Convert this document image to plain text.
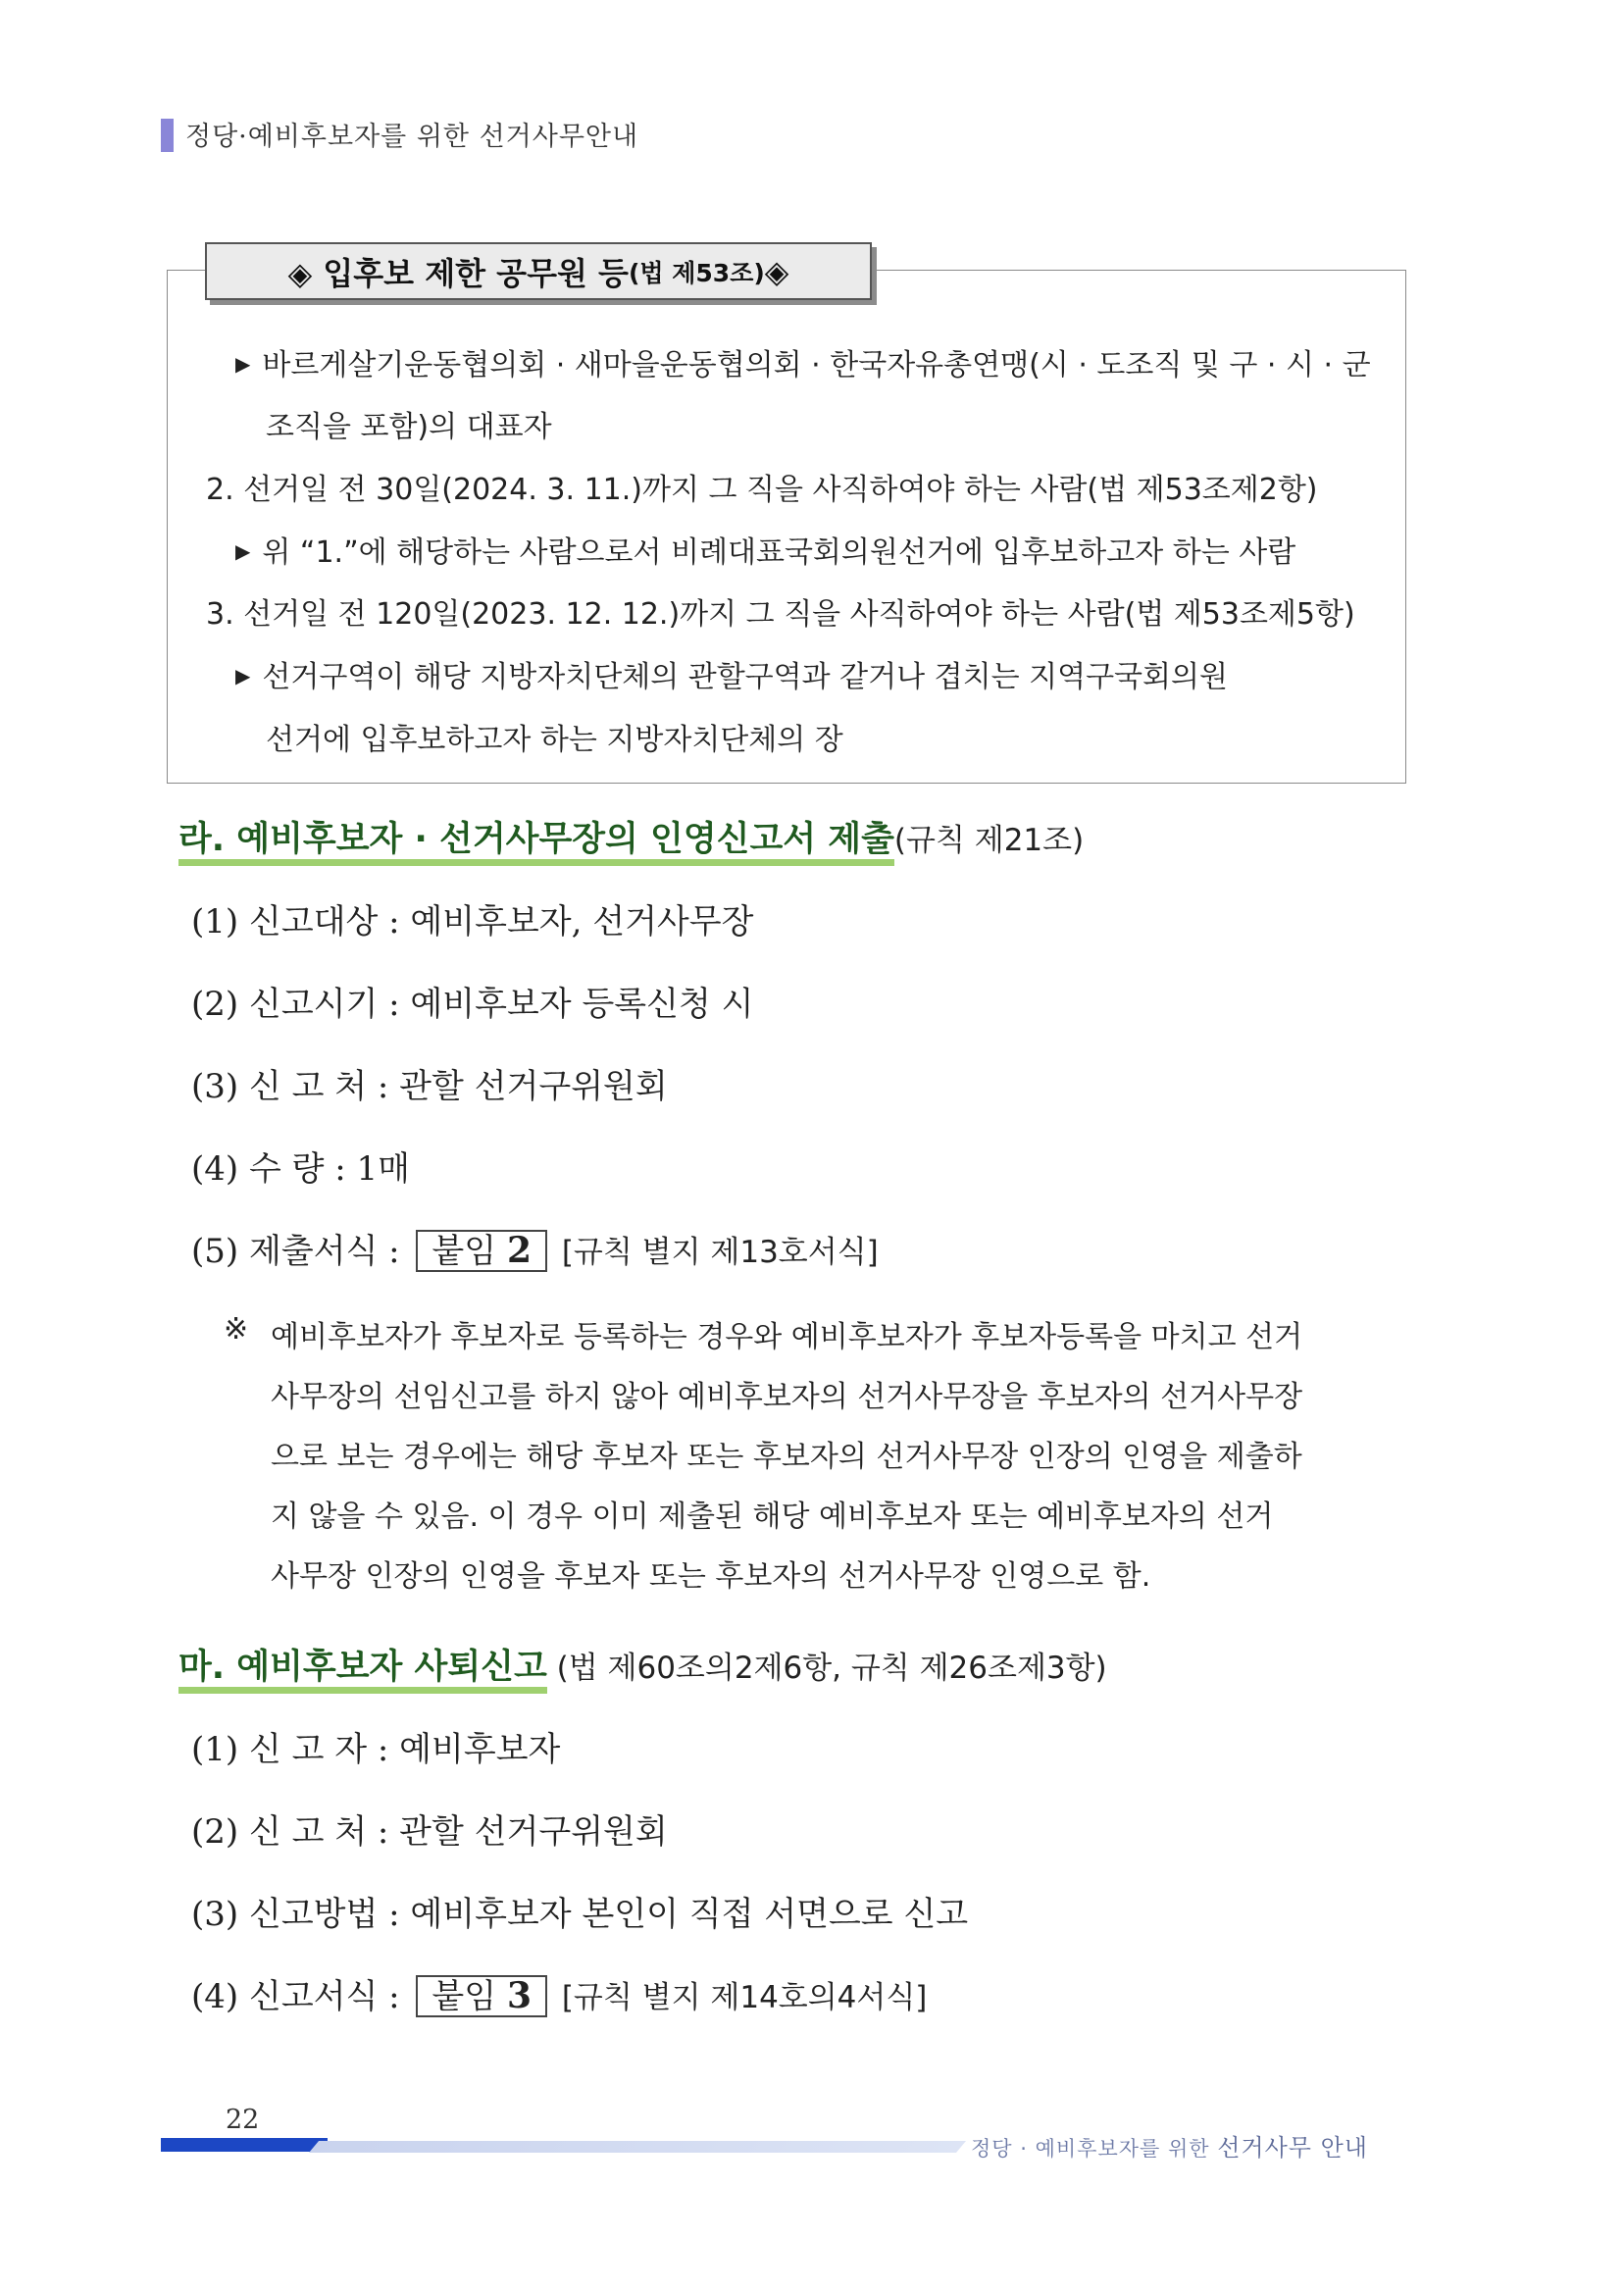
정당·예비후보자를 위한 선거사무안내
◈ 입후보 제한 공무원 등 (법 제53조) ◈
▶ 바르게살기운동협의회 · 새마을운동협의회 · 한국자유총연맹(시 · 도조직 및 구 · 시 · 군
조직을 포함)의 대표자
2. 선거일 전 30일(2024. 3. 11.)까지 그 직을 사직하여야 하는 사람(법 제53조제2항)
▶ 위 “1.”에 해당하는 사람으로서 비례대표국회의원선거에 입후보하고자 하는 사람
3. 선거일 전 120일(2023. 12. 12.)까지 그 직을 사직하여야 하는 사람(법 제53조제5항)
▶ 선거구역이 해당 지방자치단체의 관할구역과 같거나 겹치는 지역구국회의원
선거에 입후보하고자 하는 지방자치단체의 장
라. 예비후보자 · 선거사무장의 인영신고서 제출(규칙 제21조)
(1) 신고대상 : 예비후보자, 선거사무장
(2) 신고시기 : 예비후보자 등록신청 시
(3) 신 고 처 : 관할 선거구위원회
(4) 수 량 : 1매
(5) 제출서식 : 붙임 2 [규칙 별지 제13호서식]
※ 예비후보자가 후보자로 등록하는 경우와 예비후보자가 후보자등록을 마치고 선거
사무장의 선임신고를 하지 않아 예비후보자의 선거사무장을 후보자의 선거사무장
으로 보는 경우에는 해당 후보자 또는 후보자의 선거사무장 인장의 인영을 제출하
지 않을 수 있음. 이 경우 이미 제출된 해당 예비후보자 또는 예비후보자의 선거
사무장 인장의 인영을 후보자 또는 후보자의 선거사무장 인영으로 함.
마. 예비후보자 사퇴신고 (법 제60조의2제6항, 규칙 제26조제3항)
(1) 신 고 자 : 예비후보자
(2) 신 고 처 : 관할 선거구위원회
(3) 신고방법 : 예비후보자 본인이 직접 서면으로 신고
(4) 신고서식 : 붙임 3 [규칙 별지 제14호의4서식]
22
정당 · 예비후보자를 위한 선거사무 안내
